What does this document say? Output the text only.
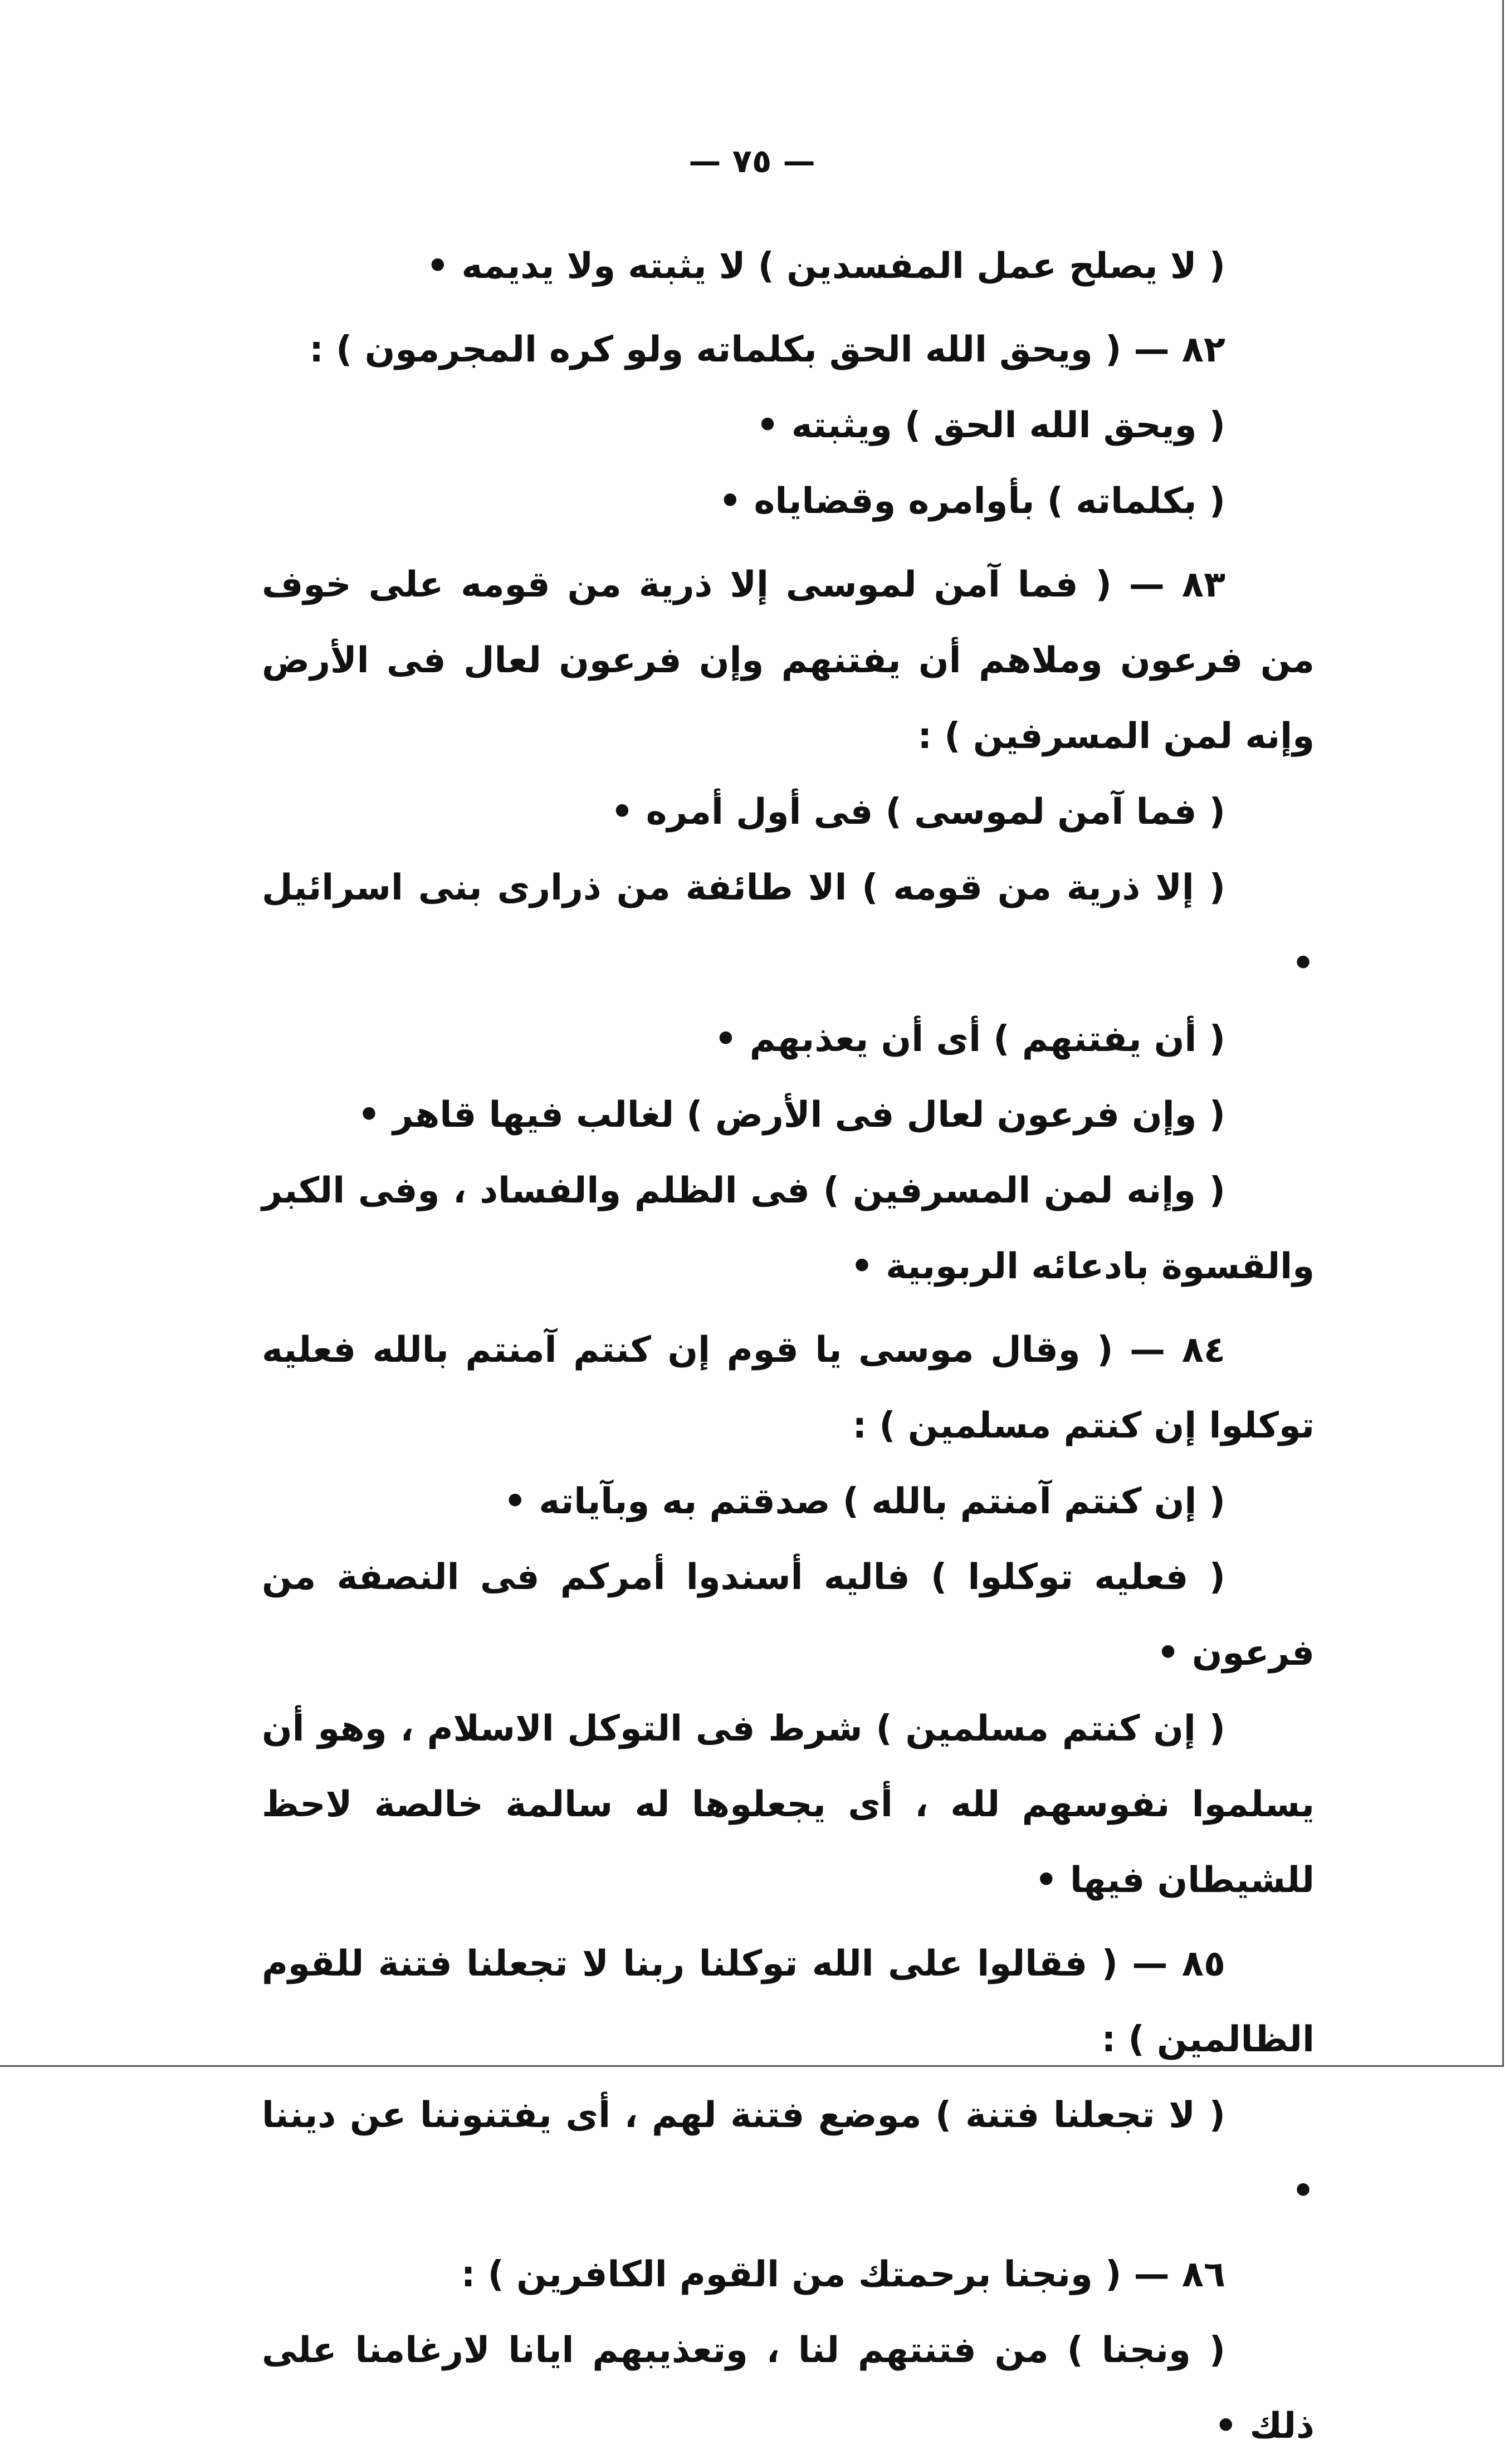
— ٧٥ —

( لا يصلح عمل المفسدين ) لا يثبته ولا يديمه •

٨٢ — ( ويحق الله الحق بكلماته ولو كره المجرمون ) :

( ويحق الله الحق ) ويثبته •

( بكلماته ) بأوامره وقضاياه •

٨٣ — ( فما آمن لموسى إلا ذرية من قومه على خوف من فرعون وملاهم أن يفتنهم وإن فرعون لعال فى الأرض وإنه لمن المسرفين ) :

( فما آمن لموسى ) فى أول أمره •

( إلا ذرية من قومه ) الا طائفة من ذرارى بنى اسرائيل •

( أن يفتنهم ) أى أن يعذبهم •

( وإن فرعون لعال فى الأرض ) لغالب فيها قاهر •

( وإنه لمن المسرفين ) فى الظلم والفساد ، وفى الكبر والقسوة بادعائه الربوبية •

٨٤ — ( وقال موسى يا قوم إن كنتم آمنتم بالله فعليه توكلوا إن كنتم مسلمين ) :

( إن كنتم آمنتم بالله ) صدقتم به وبآياته •

( فعليه توكلوا ) فاليه أسندوا أمركم فى النصفة من فرعون •

( إن كنتم مسلمين ) شرط فى التوكل الاسلام ، وهو أن يسلموا نفوسهم لله ، أى يجعلوها له سالمة خالصة لاحظ للشيطان فيها •

٨٥ — ( فقالوا على الله توكلنا ربنا لا تجعلنا فتنة للقوم الظالمين ) :

( لا تجعلنا فتنة ) موضع فتنة لهم ، أى يفتنوننا عن ديننا •

٨٦ — ( ونجنا برحمتك من القوم الكافرين ) :

( ونجنا ) من فتنتهم لنا ، وتعذيبهم ايانا لارغامنا على ذلك •
